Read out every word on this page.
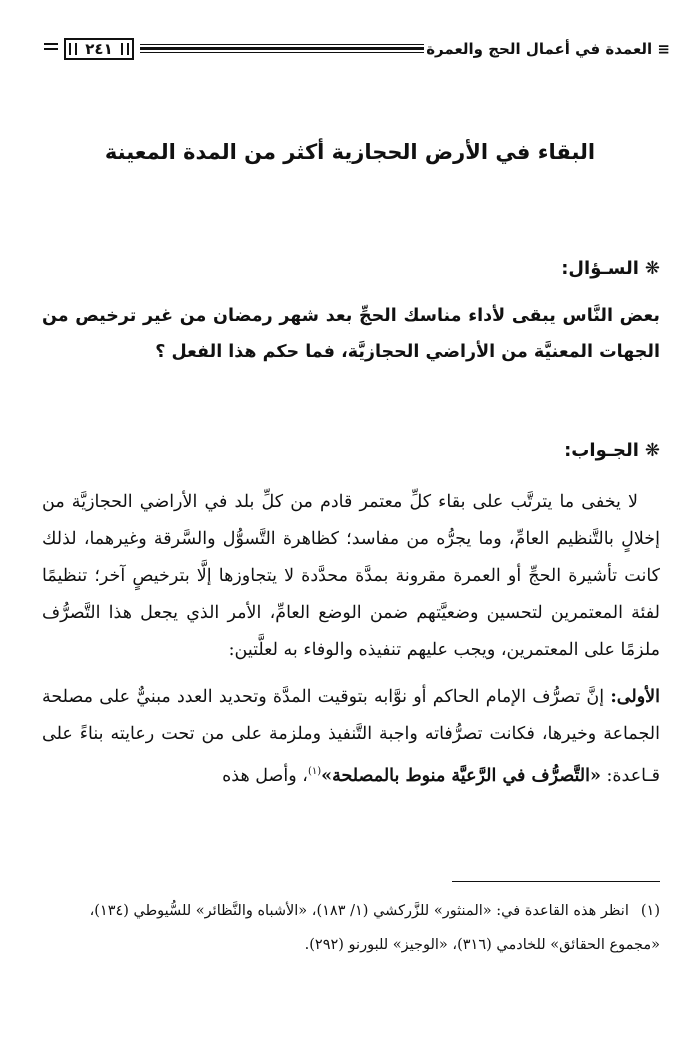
٢٤١	≡ العمدة في أعمال الحج والعمرة
البقاء في الأرض الحجازية أكثر من المدة المعينة
❋السـؤال:
بعض النَّاس يبقى لأداء مناسك الحجِّ بعد شهر رمضان من غير ترخيص من الجهات المعنيَّة من الأراضي الحجازيَّة، فما حكم هذا الفعل ؟
❋الجـواب:

لا يخفى ما يترتَّب على بقاء كلِّ معتمر قادم من كلِّ بلد في الأراضي الحجازيَّة من إخلالٍ بالتَّنظيم العامِّ، وما يجرُّه من مفاسد؛ كظاهرة التَّسوُّل والسَّرقة وغيرهما، لذلك كانت تأشيرة الحجِّ أو العمرة مقرونة بمدَّة محدَّدة لا يتجاوزها إلَّا بترخيصٍ آخر؛ تنظيمًا لفئة المعتمرين لتحسين وضعيَّتهم ضمن الوضع العامِّ، الأمر الذي يجعل هذا التَّصرُّف ملزمًا على المعتمرين، ويجب عليهم تنفيذه والوفاء به لعلَّتين:

الأولى: إنَّ تصرُّف الإمام الحاكم أو نوَّابه بتوقيت المدَّة وتحديد العدد مبنيٌّ على مصلحة الجماعة وخيرها، فكانت تصرُّفاته واجبة التَّنفيذ وملزمة على من تحت رعايته بناءً على قـاعدة: «التَّصرُّف في الرَّعيَّة منوط بالمصلحة»$^{(١)}$، وأصل هذه

(١)انظر هذه القاعدة في: «المنثور» للزَّركشي (١/ ١٨٣)، «الأشباه والنَّظائر» للسُّيوطي (١٣٤)،
«مجموع الحقائق» للخادمي (٣١٦)، «الوجيز» للبورنو (٢٩٢).
